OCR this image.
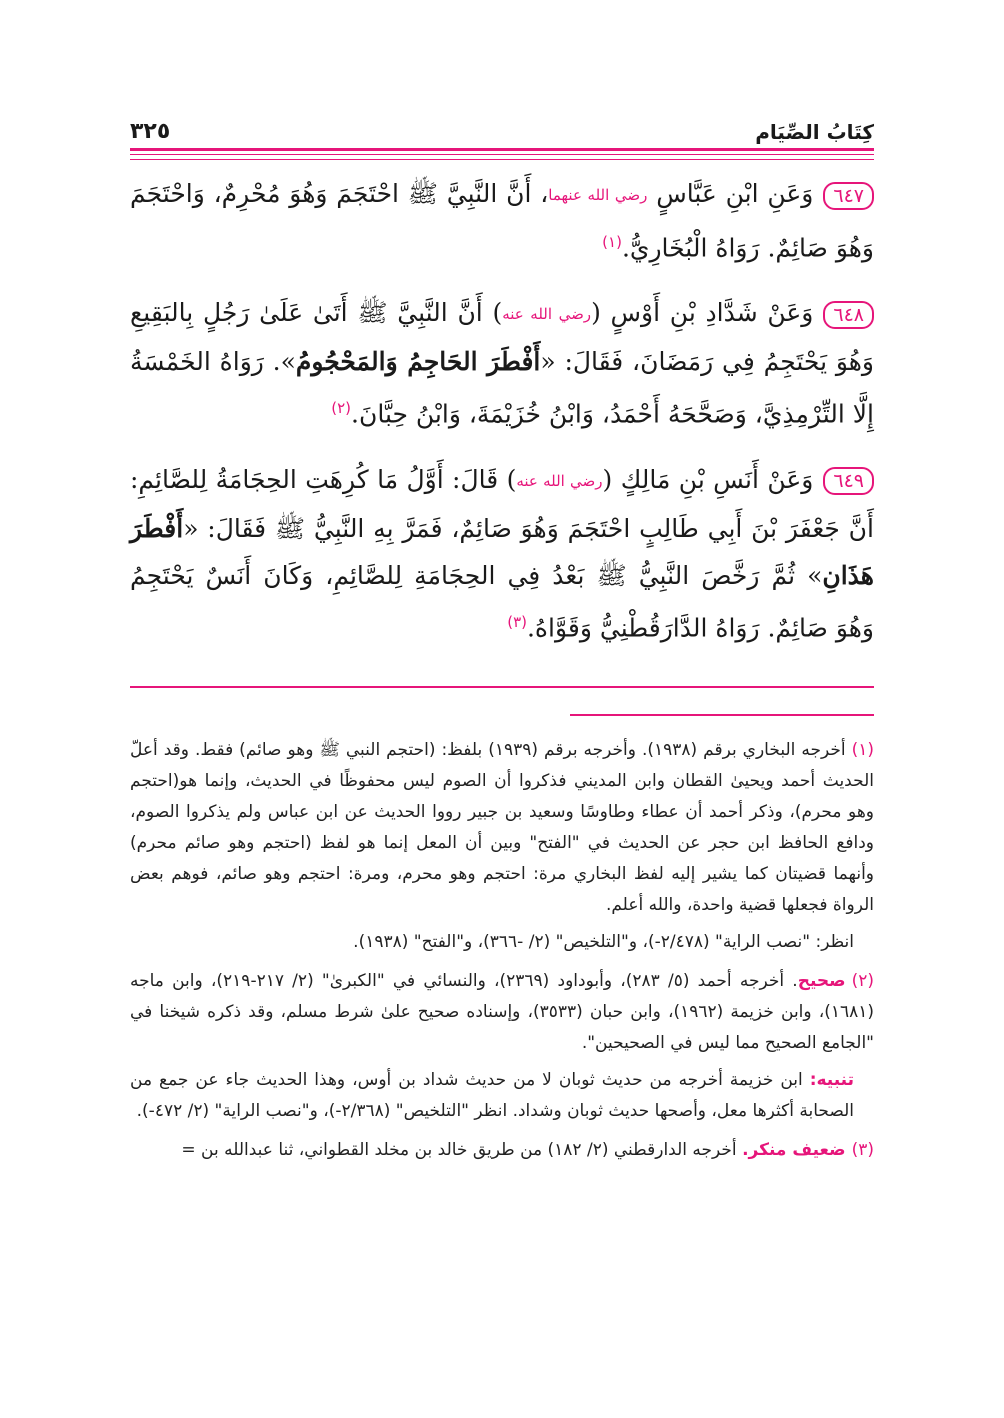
كِتَابُ الصِّيَام
٣٢٥

٦٤٧وَعَنِ ابْنِ عَبَّاسٍ رضي الله عنهما، أَنَّ النَّبِيَّ ﷺ احْتَجَمَ وَهُوَ مُحْرِمٌ، وَاحْتَجَمَ وَهُوَ صَائِمٌ. رَوَاهُ الْبُخَارِيُّ.$^{(١)}$

٦٤٨وَعَنْ شَدَّادِ بْنِ أَوْسٍ (رضي الله عنه) أَنَّ النَّبِيَّ ﷺ أَتَىٰ عَلَىٰ رَجُلٍ بِالبَقِيعِ وَهُوَ يَحْتَجِمُ فِي رَمَضَانَ، فَقَالَ: «أَفْطَرَ الحَاجِمُ وَالمَحْجُومُ». رَوَاهُ الخَمْسَةُ إِلَّا التِّرْمِذِيَّ، وَصَحَّحَهُ أَحْمَدُ، وَابْنُ خُزَيْمَةَ، وَابْنُ حِبَّانَ.$^{(٢)}$

٦٤٩وَعَنْ أَنَسِ بْنِ مَالِكٍ (رضي الله عنه) قَالَ: أَوَّلُ مَا كُرِهَتِ الحِجَامَةُ لِلصَّائِمِ: أَنَّ جَعْفَرَ بْنَ أَبِي طَالِبٍ احْتَجَمَ وَهُوَ صَائِمٌ، فَمَرَّ بِهِ النَّبِيُّ ﷺ فَقَالَ: «أَفْطَرَ هَذَانِ» ثُمَّ رَخَّصَ النَّبِيُّ ﷺ بَعْدُ فِي الحِجَامَةِ لِلصَّائِمِ، وَكَانَ أَنَسٌ يَحْتَجِمُ وَهُوَ صَائِمٌ. رَوَاهُ الدَّارَقُطْنِيُّ وَقَوَّاهُ.$^{(٣)}$

(١)أخرجه البخاري برقم (١٩٣٨). وأخرجه برقم (١٩٣٩) بلفظ: (احتجم النبي ﷺ وهو صائم) فقط. وقد أعلّ الحديث أحمد ويحيىٰ القطان وابن المديني فذكروا أن الصوم ليس محفوظًا في الحديث، وإنما هو(احتجم وهو محرم)، وذكر أحمد أن عطاء وطاوسًا وسعيد بن جبير رووا الحديث عن ابن عباس ولم يذكروا الصوم، ودافع الحافظ ابن حجر عن الحديث في "الفتح" وبين أن المعل إنما هو لفظ (احتجم وهو صائم محرم) وأنهما قضيتان كما يشير إليه لفظ البخاري مرة: احتجم وهو محرم، ومرة: احتجم وهو صائم، فوهم بعض الرواة فجعلها قضية واحدة، والله أعلم.

انظر: "نصب الراية" (٢/٤٧٨-)، و"التلخيص" (٢/ -٣٦٦)، و"الفتح" (١٩٣٨).

(٢)صحيح. أخرجه أحمد (٥/ ٢٨٣)، وأبوداود (٢٣٦٩)، والنسائي في "الكبرىٰ" (٢/ ٢١٧-٢١٩)، وابن ماجه (١٦٨١)، وابن خزيمة (١٩٦٢)، وابن حبان (٣٥٣٣)، وإسناده صحيح علىٰ شرط مسلم، وقد ذكره شيخنا في "الجامع الصحيح مما ليس في الصحيحين".

تنبيه: ابن خزيمة أخرجه من حديث ثوبان لا من حديث شداد بن أوس، وهذا الحديث جاء عن جمع من الصحابة أكثرها معل، وأصحها حديث ثوبان وشداد. انظر "التلخيص" (٢/٣٦٨-)، و"نصب الراية" (٢/ ٤٧٢-).

(٣)ضعيف منكر. أخرجه الدارقطني (٢/ ١٨٢) من طريق خالد بن مخلد القطواني، ثنا عبدالله بن =
